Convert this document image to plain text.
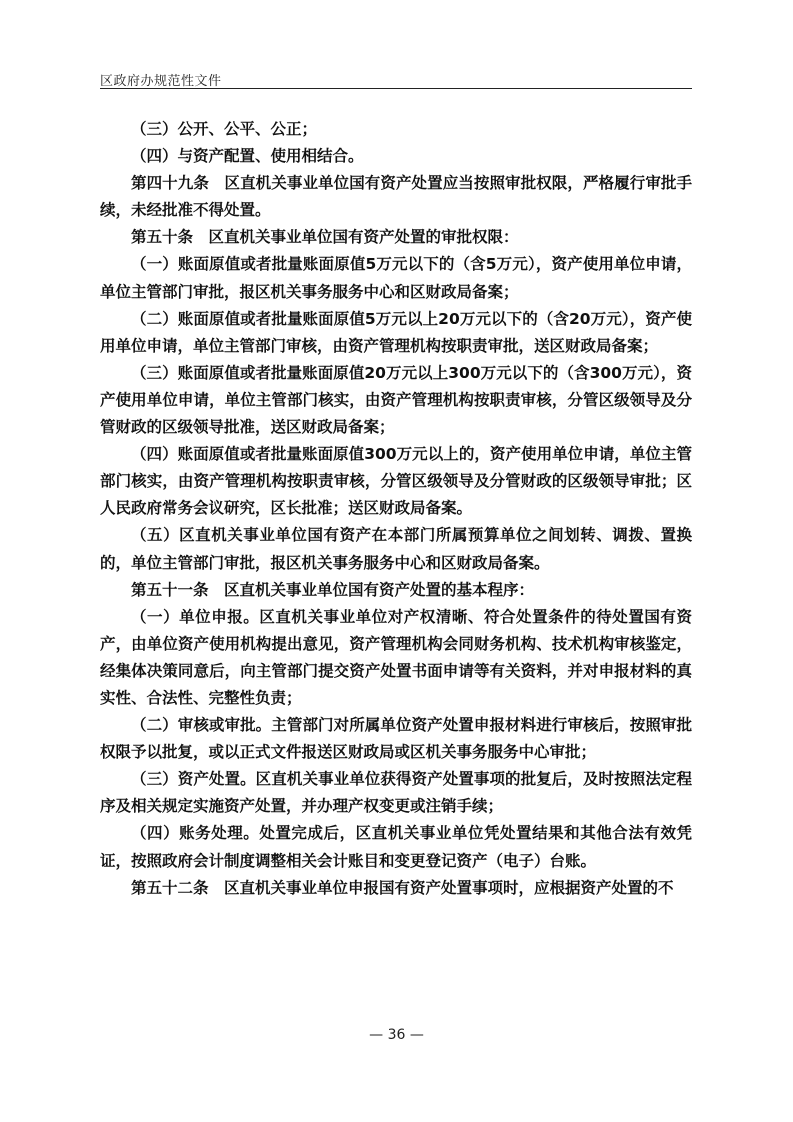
区政府办规范性文件

（三）公开、公平、公正；

（四）与资产配置、使用相结合。

第四十九条　区直机关事业单位国有资产处置应当按照审批权限，严格履行审批手续，未经批准不得处置。

第五十条　区直机关事业单位国有资产处置的审批权限：

（一）账面原值或者批量账面原值5万元以下的（含5万元），资产使用单位申请，单位主管部门审批，报区机关事务服务中心和区财政局备案；

（二）账面原值或者批量账面原值5万元以上20万元以下的（含20万元），资产使用单位申请，单位主管部门审核，由资产管理机构按职责审批，送区财政局备案；

（三）账面原值或者批量账面原值20万元以上300万元以下的（含300万元），资产使用单位申请，单位主管部门核实，由资产管理机构按职责审核，分管区级领导及分管财政的区级领导批准，送区财政局备案；

（四）账面原值或者批量账面原值300万元以上的，资产使用单位申请，单位主管部门核实，由资产管理机构按职责审核，分管区级领导及分管财政的区级领导审批；区人民政府常务会议研究，区长批准；送区财政局备案。

（五）区直机关事业单位国有资产在本部门所属预算单位之间划转、调拨、置换的，单位主管部门审批，报区机关事务服务中心和区财政局备案。

第五十一条　区直机关事业单位国有资产处置的基本程序：

（一）单位申报。区直机关事业单位对产权清晰、符合处置条件的待处置国有资产，由单位资产使用机构提出意见，资产管理机构会同财务机构、技术机构审核鉴定，经集体决策同意后，向主管部门提交资产处置书面申请等有关资料，并对申报材料的真实性、合法性、完整性负责；

（二）审核或审批。主管部门对所属单位资产处置申报材料进行审核后，按照审批权限予以批复，或以正式文件报送区财政局或区机关事务服务中心审批；

（三）资产处置。区直机关事业单位获得资产处置事项的批复后，及时按照法定程序及相关规定实施资产处置，并办理产权变更或注销手续；

（四）账务处理。处置完成后，区直机关事业单位凭处置结果和其他合法有效凭证，按照政府会计制度调整相关会计账目和变更登记资产（电子）台账。

第五十二条　区直机关事业单位申报国有资产处置事项时，应根据资产处置的不

— 36 —
